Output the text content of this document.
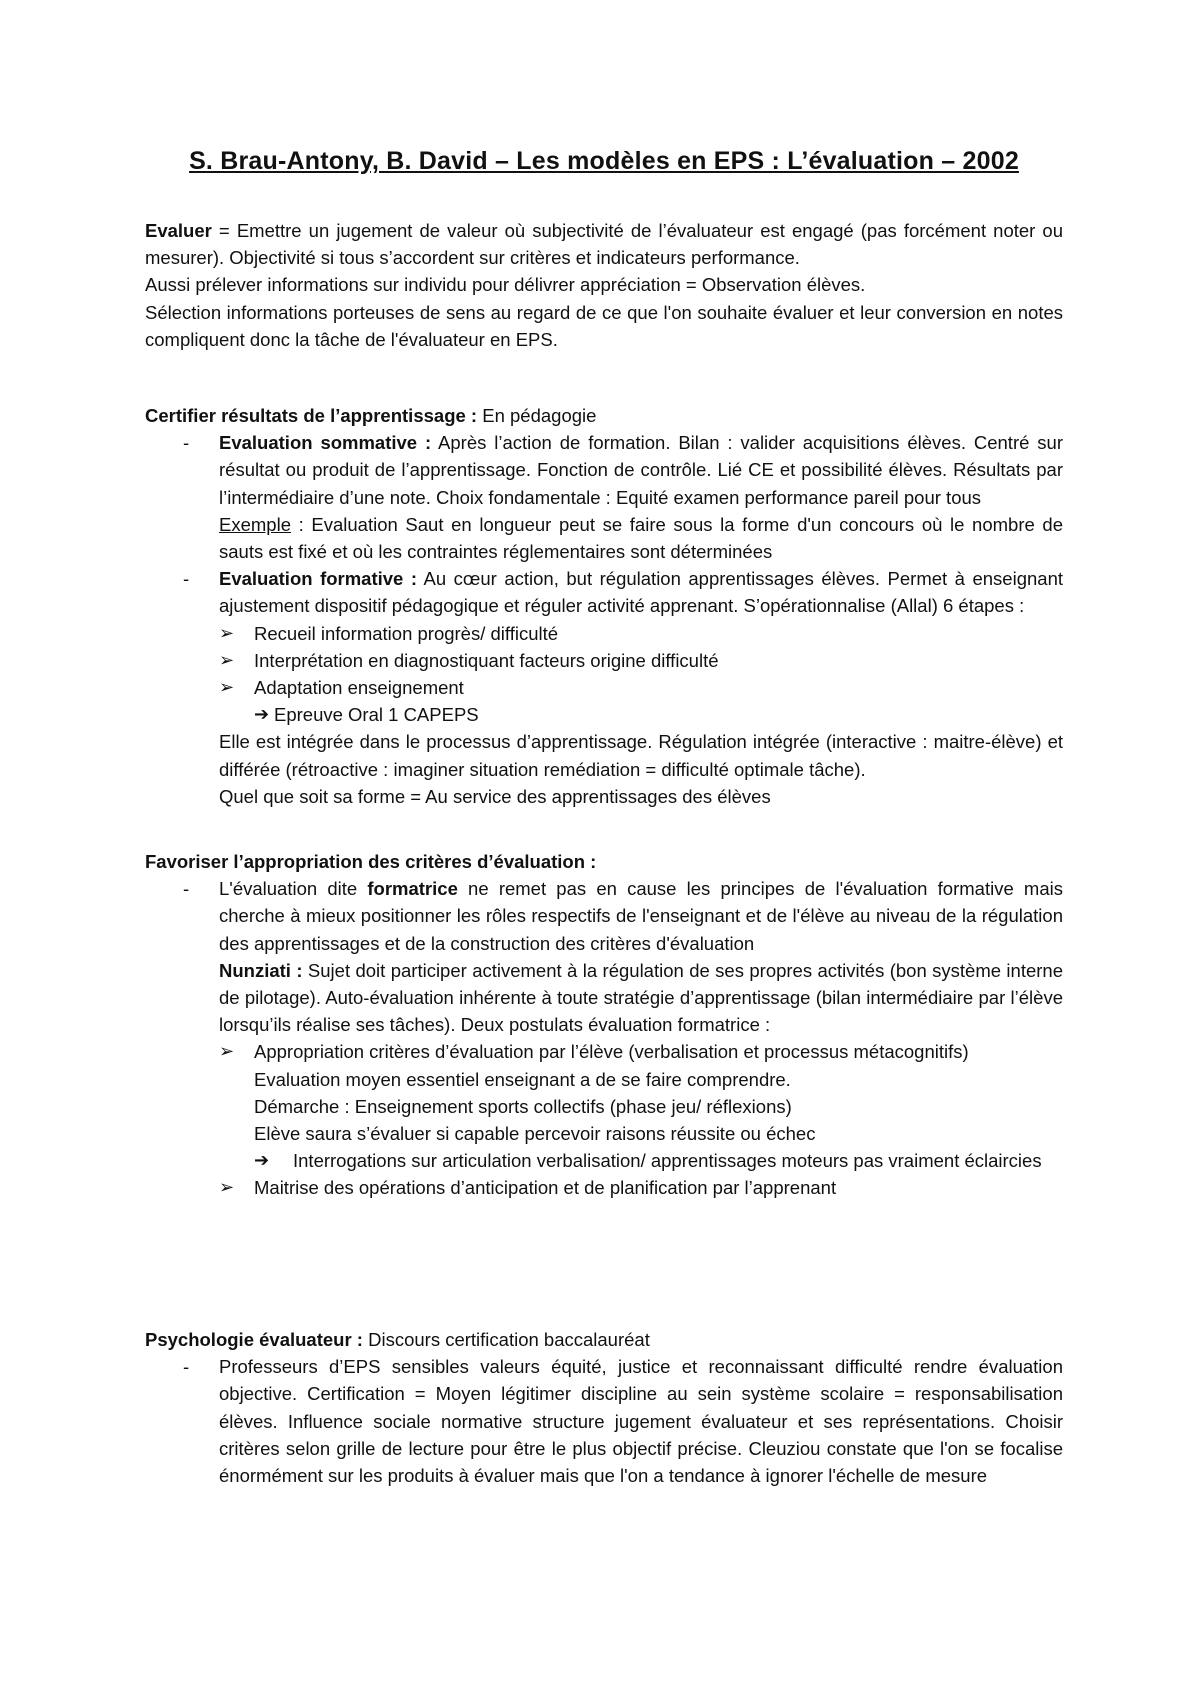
S. Brau-Antony, B. David – Les modèles en EPS : L’évaluation – 2002
Evaluer = Emettre un jugement de valeur où subjectivité de l’évaluateur est engagé (pas forcément noter ou mesurer). Objectivité si tous s’accordent sur critères et indicateurs performance.
Aussi prélever informations sur individu pour délivrer appréciation = Observation élèves.
Sélection informations porteuses de sens au regard de ce que l'on souhaite évaluer et leur conversion en notes compliquent donc la tâche de l'évaluateur en EPS.
Certifier résultats de l’apprentissage : En pédagogie
- Evaluation sommative : Après l’action de formation. Bilan : valider acquisitions élèves. Centré sur résultat ou produit de l’apprentissage. Fonction de contrôle. Lié CE et possibilité élèves. Résultats par l’intermédiaire d’une note. Choix fondamentale : Equité examen performance pareil pour tous
Exemple : Evaluation Saut en longueur peut se faire sous la forme d'un concours où le nombre de sauts est fixé et où les contraintes réglementaires sont déterminées
- Evaluation formative : Au cœur action, but régulation apprentissages élèves. Permet à enseignant ajustement dispositif pédagogique et réguler activité apprenant. S’opérationnalise (Allal) 6 étapes :
➢ Recueil information progrès/ difficulté
➢ Interprétation en diagnostiquant facteurs origine difficulté
➢ Adaptation enseignement
➔ Epreuve Oral 1 CAPEPS
Elle est intégrée dans le processus d’apprentissage. Régulation intégrée (interactive : maitre-élève) et différée (rétroactive : imaginer situation remédiation = difficulté optimale tâche).
Quel que soit sa forme = Au service des apprentissages des élèves
Favoriser l’appropriation des critères d’évaluation :
- L'évaluation dite formatrice ne remet pas en cause les principes de l'évaluation formative mais cherche à mieux positionner les rôles respectifs de l'enseignant et de l'élève au niveau de la régulation des apprentissages et de la construction des critères d'évaluation
Nunziati : Sujet doit participer activement à la régulation de ses propres activités (bon système interne de pilotage). Auto-évaluation inhérente à toute stratégie d’apprentissage (bilan intermédiaire par l’élève lorsqu’ils réalise ses tâches). Deux postulats évaluation formatrice :
➢ Appropriation critères d’évaluation par l’élève (verbalisation et processus métacognitifs)
Evaluation moyen essentiel enseignant a de se faire comprendre.
Démarche : Enseignement sports collectifs (phase jeu/ réflexions)
Elève saura s’évaluer si capable percevoir raisons réussite ou échec
➔ Interrogations sur articulation verbalisation/ apprentissages moteurs pas vraiment éclaircies
➢ Maitrise des opérations d’anticipation et de planification par l’apprenant
Psychologie évaluateur : Discours certification baccalauréat
- Professeurs d’EPS sensibles valeurs équité, justice et reconnaissant difficulté rendre évaluation objective. Certification = Moyen légitimer discipline au sein système scolaire = responsabilisation élèves. Influence sociale normative structure jugement évaluateur et ses représentations. Choisir critères selon grille de lecture pour être le plus objectif précise. Cleuziou constate que l'on se focalise énormément sur les produits à évaluer mais que l'on a tendance à ignorer l'échelle de mesure
